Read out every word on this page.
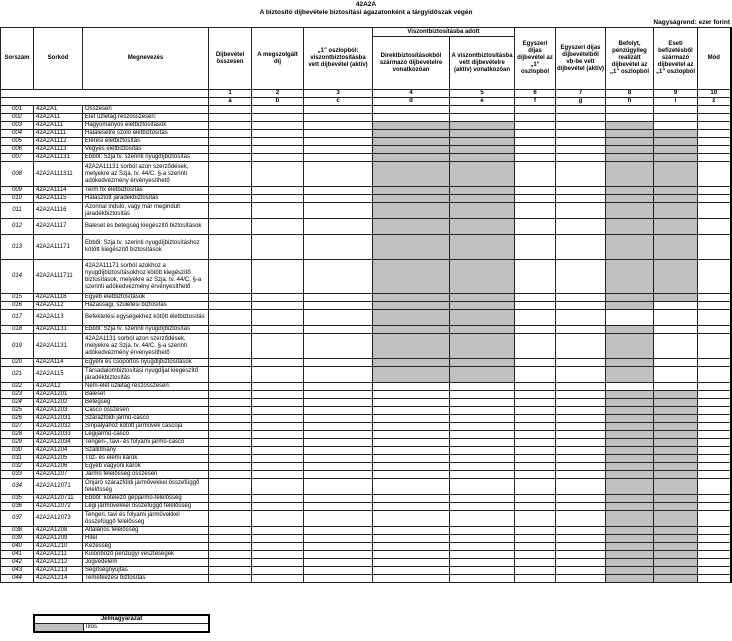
42A2A
A biztosító díjbevétele biztosítási ágazatonként a tárgyidőszak végén
Nagyságrend: ezer forint
Sorszám	Sorkód	Megnevezés	Díjbevétel összesen	A megszolgált díj	„1” oszlopból: viszontbiztosításba vett díjbevétel (aktív)	Viszontbiztosításba adott		Egyszeri díjas díjbevétel az „1” oszlopból	Egyszeri díjas díjbevételből vb-be vett díjbevétel (aktív)	Befolyt, pénzügyileg realizált díjbevétel az „1” oszlopból	Eseti befizetésből származó díjbevétel az „1” oszlopból	Mód
						Direktbiztosításokból származó díjbevételre vonatkozóan	A viszontbiztosításba vett díjbevételre (aktív) vonatkozóan					
			1	2	3	4	5	6	7	8	9	10
			a	b	c	d	e	f	g	h	i	z
001	42A2A1	Összesen										
002	42A2A11	Élet üzletág részösszesen:										
003	42A2A111	Hagyományos életbiztosítások										
004	42A2A1111	Halálesetre szóló életbiztosítás										
005	42A2A1112	Elérési életbiztosítás										
006	42A2A1113	Vegyes életbiztosítás										
007	42A2A11131	Ebből: Szja tv. szerinti nyugdíjbiztosítás										
008	42A2A111311	42A2A11131 sorból azon szerződések, melyekre az Szja. tv. 44/C. §-a szerinti adókedvezmény érvényesíthető										
009	42A2A1114	Term fix életbiztosítás										
010	42A2A1115	Halasztott járadékbiztosítás										
011	42A2A1116	Azonnal induló, vagy már megindult járadékbiztosítás										
012	42A2A1117	Baleset és betegség kiegészítő biztosítások										
013	42A2A11171	Ebből: Szja tv. szerinti nyugdíjbiztosításhoz kötött kiegészítő biztosítások										
014	42A2A111711	42A2A11171 sorból azokhoz a nyugdíjbiztosításokhoz kötött kiegészítő biztosítások, melyekre az Szja. tv. 44/C. §-a szerinti adókedvezmény érvényesíthető										
015	42A2A1118	Egyéb életbiztosítások										
016	42A2A112	Házassági, születési biztosítás										
017	42A2A113	Befektetési egységekhez kötött életbiztosítás										
018	42A2A1131	Ebből: Szja tv. szerinti nyugdíjbiztosítás										
019	42A2A1131	42A2A1131 sorból azon szerződések, melyekre az Szja. tv. 44/C. §-a szerinti adókedvezmény érvényesíthető										
020	42A2A114	Egyéni és csoportos nyugdíjbiztosítások										
021	42A2A115	Társadalombiztosítási nyugdíjat kiegészítő járadékbiztosítás										
022	42A2A12	Nem-élet üzletág részösszesen:										
023	42A2A1201	Baleset										
024	42A2A1202	Betegség										
025	42A2A1203	Casco összesen										
026	42A2A12031	Szárazföldi jármű-casco										
027	42A2A12032	Sínpályához kötött járművek cascója										
028	42A2A12033	Légijármű-casco										
029	42A2A12034	Tengeri-, tavi- és folyami jármű-casco										
030	42A2A1204	Szállítmány										
031	42A2A1205	Tűz- és elemi károk										
032	42A2A1206	Egyéb vagyoni károk										
033	42A2A1207	Jármű felelősség összesen										
034	42A2A12071	Önjáró szárazföldi járművekkel összefüggő felelősség										
035	42A2A120711	Ebből: kötelező gépjármű-felelősség										
036	42A2A12072	Légi járművekkel összefüggő felelősség										
037	42A2A12073	Tengeri, tavi és folyami járművekkel összefüggő felelősség										
038	42A2A1208	Általános felelősség										
039	42A2A1209	Hitel										
040	42A2A1210	Kezesség										
041	42A2A1211	Különböző pénzügyi veszteségek										
042	42A2A1212	Jogvédelem										
043	42A2A1213	Segítségnyújtás										
044	42A2A1214	Temetkezési biztosítás										
Jelmagyarázat
	Tilos
